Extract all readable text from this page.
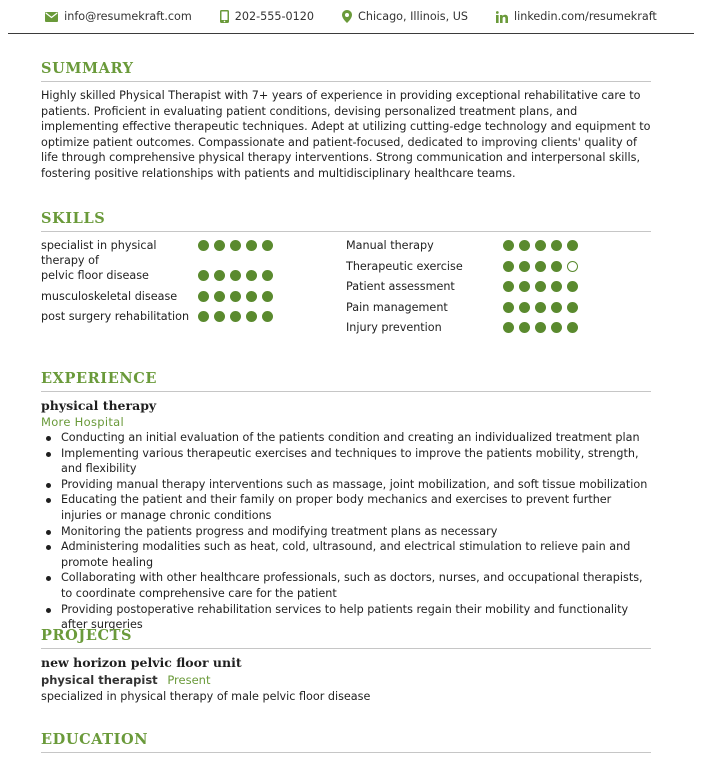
info@resumekraft.com	202-555-0120	Chicago, Illinois, US	linkedin.com/resumekraft
SUMMARY

Highly skilled Physical Therapist with 7+ years of experience in providing exceptional rehabilitative care to patients. Proficient in evaluating patient conditions, devising personalized treatment plans, and implementing effective therapeutic techniques. Adept at utilizing cutting-edge technology and equipment to optimize patient outcomes. Compassionate and patient-focused, dedicated to improving clients' quality of life through comprehensive physical therapy interventions. Strong communication and interpersonal skills, fostering positive relationships with patients and multidisciplinary healthcare teams.

SKILLS
specialist in physical therapy of
pelvic floor disease
musculoskeletal disease
post surgery rehabilitation
Manual therapy
Therapeutic exercise
Patient assessment
Pain management
Injury prevention
EXPERIENCE
physical therapy
More Hospital
Conducting an initial evaluation of the patients condition and creating an individualized treatment plan
Implementing various therapeutic exercises and techniques to improve the patients mobility, strength, and flexibility
Providing manual therapy interventions such as massage, joint mobilization, and soft tissue mobilization
Educating the patient and their family on proper body mechanics and exercises to prevent further injuries or manage chronic conditions
Monitoring the patients progress and modifying treatment plans as necessary
Administering modalities such as heat, cold, ultrasound, and electrical stimulation to relieve pain and promote healing
Collaborating with other healthcare professionals, such as doctors, nurses, and occupational therapists, to coordinate comprehensive care for the patient
Providing postoperative rehabilitation services to help patients regain their mobility and functionality after surgeries
PROJECTS
new horizon pelvic floor unit
physical therapist Present
specialized in physical therapy of male pelvic floor disease
EDUCATION
